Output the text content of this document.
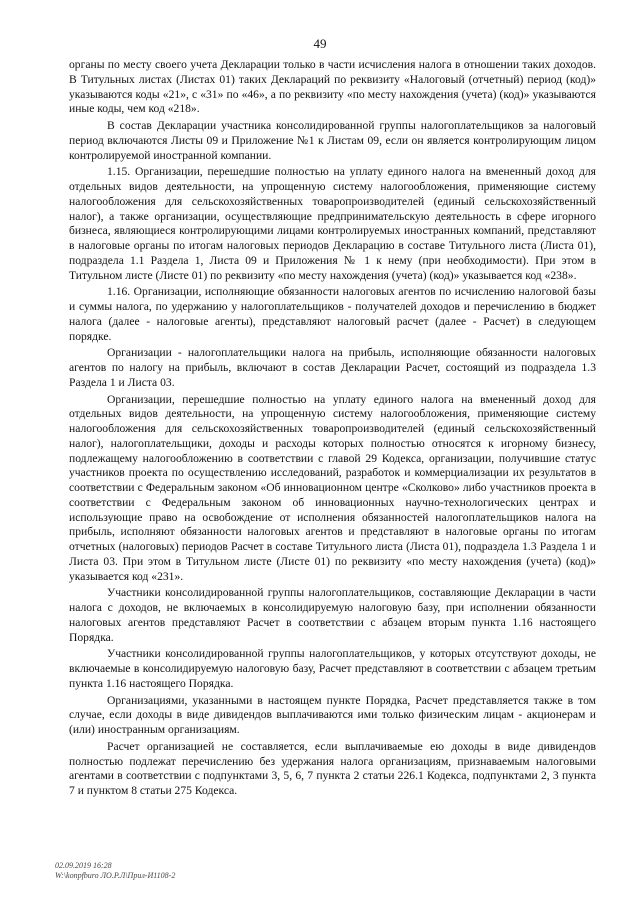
49

органы по месту своего учета Декларации только в части исчисления налога в отношении таких доходов. В Титульных листах (Листах 01) таких Деклараций по реквизиту «Налоговый (отчетный) период (код)» указываются коды «21», с «31» по «46», а по реквизиту «по месту нахождения (учета) (код)» указываются иные коды, чем код «218».

В состав Декларации участника консолидированной группы налогоплательщиков за налоговый период включаются Листы 09 и Приложение №1 к Листам 09, если он является контролирующим лицом контролируемой иностранной компании.

1.15. Организации, перешедшие полностью на уплату единого налога на вмененный доход для отдельных видов деятельности, на упрощенную систему налогообложения, применяющие систему налогообложения для сельскохозяйственных товаропроизводителей (единый сельскохозяйственный налог), а также организации, осуществляющие предпринимательскую деятельность в сфере игорного бизнеса, являющиеся контролирующими лицами контролируемых иностранных компаний, представляют в налоговые органы по итогам налоговых периодов Декларацию в составе Титульного листа (Листа 01), подраздела 1.1 Раздела 1, Листа 09 и Приложения № 1 к нему (при необходимости). При этом в Титульном листе (Листе 01) по реквизиту «по месту нахождения (учета) (код)» указывается код «238».

1.16. Организации, исполняющие обязанности налоговых агентов по исчислению налоговой базы и суммы налога, по удержанию у налогоплательщиков - получателей доходов и перечислению в бюджет налога (далее - налоговые агенты), представляют налоговый расчет (далее - Расчет) в следующем порядке.

Организации - налогоплательщики налога на прибыль, исполняющие обязанности налоговых агентов по налогу на прибыль, включают в состав Декларации Расчет, состоящий из подраздела 1.3 Раздела 1 и Листа 03.

Организации, перешедшие полностью на уплату единого налога на вмененный доход для отдельных видов деятельности, на упрощенную систему налогообложения, применяющие систему налогообложения для сельскохозяйственных товаропроизводителей (единый сельскохозяйственный налог), налогоплательщики, доходы и расходы которых полностью относятся к игорному бизнесу, подлежащему налогообложению в соответствии с главой 29 Кодекса, организации, получившие статус участников проекта по осуществлению исследований, разработок и коммерциализации их результатов в соответствии с Федеральным законом «Об инновационном центре «Сколково» либо участников проекта в соответствии с Федеральным законом об инновационных научно-технологических центрах и использующие право на освобождение от исполнения обязанностей налогоплательщиков налога на прибыль, исполняют обязанности налоговых агентов и представляют в налоговые органы по итогам отчетных (налоговых) периодов Расчет в составе Титульного листа (Листа 01), подраздела 1.3 Раздела 1 и Листа 03. При этом в Титульном листе (Листе 01) по реквизиту «по месту нахождения (учета) (код)» указывается код «231».

Участники консолидированной группы налогоплательщиков, составляющие Декларации в части налога с доходов, не включаемых в консолидируемую налоговую базу, при исполнении обязанности налоговых агентов представляют Расчет в соответствии с абзацем вторым пункта 1.16 настоящего Порядка.

Участники консолидированной группы налогоплательщиков, у которых отсутствуют доходы, не включаемые в консолидируемую налоговую базу, Расчет представляют в соответствии с абзацем третьим пункта 1.16 настоящего Порядка.

Организациями, указанными в настоящем пункте Порядка, Расчет представляется также в том случае, если доходы в виде дивидендов выплачиваются ими только физическим лицам - акционерам и (или) иностранным организациям.

Расчет организацией не составляется, если выплачиваемые ею доходы в виде дивидендов полностью подлежат перечислению без удержания налога организациям, признаваемым налоговыми агентами в соответствии с подпунктами 3, 5, 6, 7 пункта 2 статьи 226.1 Кодекса, подпунктами 2, 3 пункта 7 и пунктом 8 статьи 275 Кодекса.

02.09.2019 16:28
W:\konpfburo ЛО.Р.Л\Прил-И1108-2
